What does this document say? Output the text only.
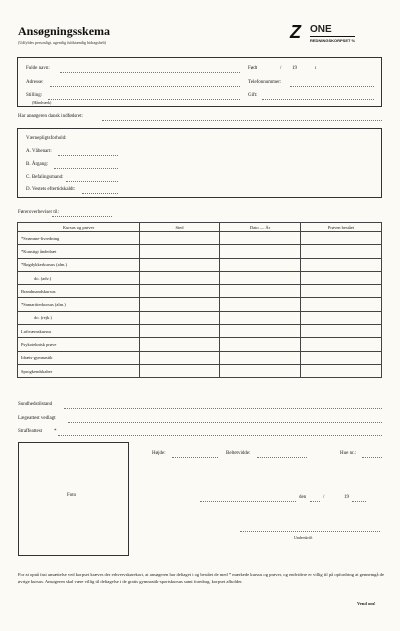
Ansøgningsskema
(Udfyldes personligt, ugentlig fuldstændig bidragshelt)
Z ONE
REDNINGSKORPSET %
Fulde navn:	Født	/ 19	ı
Adresse:	Telefonnummer:
Stilling:
(Håndværk)
Gift:
Har ansøgeren dansk indfødsret:
Værnepligtsforhold:
A. Våbenart:
B. Årgang:
C. Befalingsmand:
D. Vestets eftertidskaldt:
Føreroverbeviser til:
Kursus og prøver	Sted	Dato — År	Prøven bestået
*Svømme-livredning			
*Kunstigt åndedræt			
*Røgdykkerkursus (alm.)			
do. (adv.)			
Brandmandskursus			
*Samaritterkursus (alm.)			
do. (rejk.)			
Luftværnskursus			
Psykoteknisk prøve			
Idræts-gymnastik			
Sprogkendskaber			
Sundhedstilstand
Lægeattest vedlagt
Straffeattest *
Foto
Højde:	Beltetvidde:	Hue nr.:
den	/	19
Underskrift
For at opnå fast ansættelse ved korpset kræves der erhvervskørekort, at ansøgeren har deltaget i og bestået de med * mærkede kursus og prøver, og endvidere er villig til på opfordring at gennemgå de øvrige kursus. Ansøgeren skal være villig til deltagelse i de gratis gymnastik-sportskursus samt foredrag, korpset afholder.
Vend om!
